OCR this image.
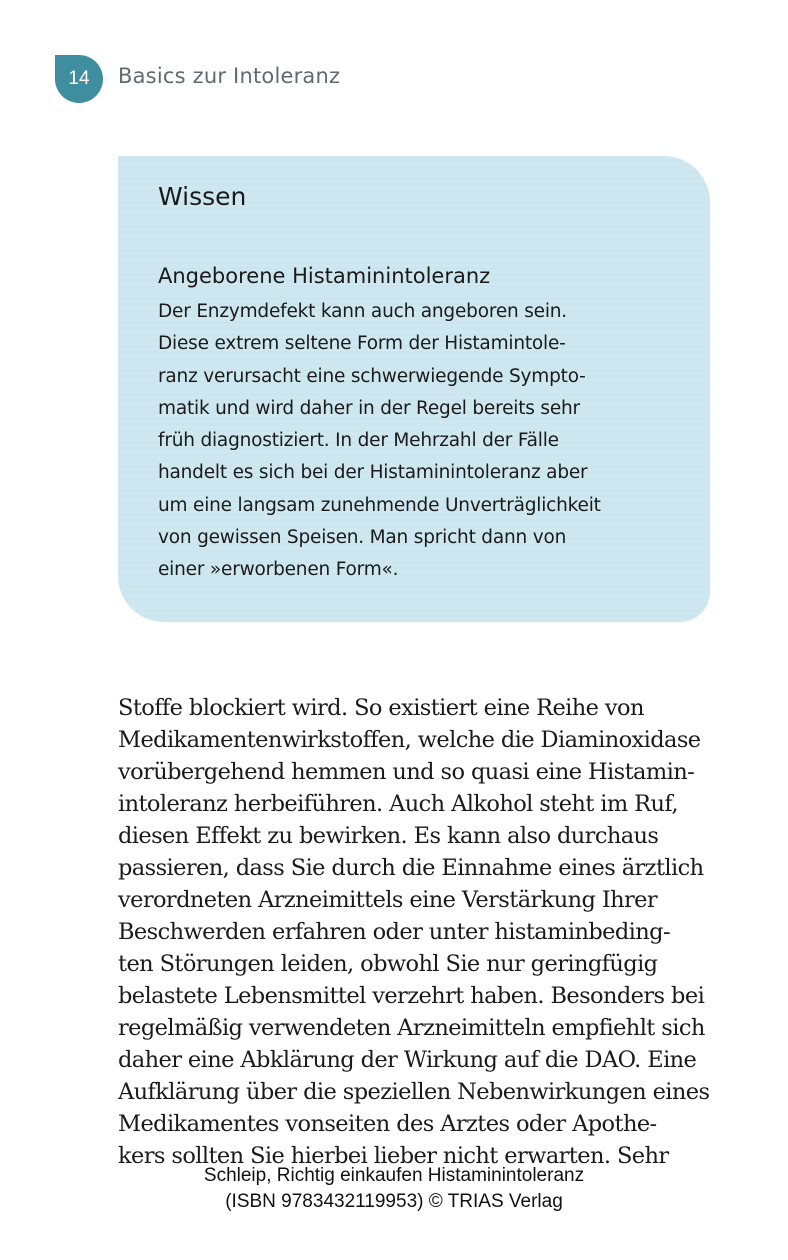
14 Basics zur Intoleranz
Wissen
Angeborene Histaminintoleranz
Der Enzymdefekt kann auch angeboren sein.
Diese extrem seltene Form der Histamintole-
ranz verursacht eine schwerwiegende Sympto-
matik und wird daher in der Regel bereits sehr
früh diagnostiziert. In der Mehrzahl der Fälle
handelt es sich bei der Histaminintoleranz aber
um eine langsam zunehmende Unverträglichkeit
von gewissen Speisen. Man spricht dann von
einer »erworbenen Form«.
Stoffe blockiert wird. So existiert eine Reihe von
Medikamentenwirkstoffen, welche die Diaminoxidase
vorübergehend hemmen und so quasi eine Histamin-
intoleranz herbeiführen. Auch Alkohol steht im Ruf,
diesen Effekt zu bewirken. Es kann also durchaus
passieren, dass Sie durch die Einnahme eines ärztlich
verordneten Arzneimittels eine Verstärkung Ihrer
Beschwerden erfahren oder unter histaminbeding-
ten Störungen leiden, obwohl Sie nur geringfügig
belastete Lebensmittel verzehrt haben. Besonders bei
regelmäßig verwendeten Arzneimitteln empfiehlt sich
daher eine Abklärung der Wirkung auf die DAO. Eine
Aufklärung über die speziellen Nebenwirkungen eines
Medikamentes vonseiten des Arztes oder Apothe-
kers sollten Sie hierbei lieber nicht erwarten. Sehr
Schleip, Richtig einkaufen Histaminintoleranz
(ISBN 9783432119953) © TRIAS Verlag
